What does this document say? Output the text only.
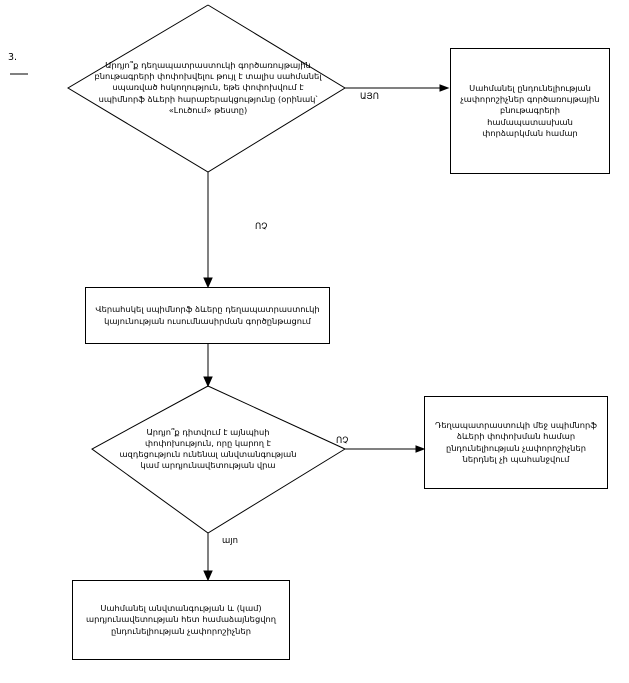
3.
Արդյո՞ք դեղապատրաստուկի գործառույթային բնութագրերի փոփոխվելու թույլ է տալիս սահմանել սպառված հսկողություն, եթե փոփոխվում է սպիմնորֆ ձևերի հարաբերակցությունը (օրինակ՝ «Լուծում» թեստը)
Սահմանել ընդունելիության չափորոշիչներ գործառույթային բնութագրերի համապատասխան փորձարկման համար
ԱՅՈ
ՈՉ
Վերահսկել սպիմնորֆ ձևերը դեղապատրաստուկի կայունության ուսումնասիրման գործընթացում
Արդյո՞ք դիտվում է այնպիսի փոփոխություն, որը կարող է ազդեցություն ունենալ անվտանգության կամ արդյունավետության վրա
ՈՉ
Դեղապատրաստուկի մեջ սպիմնորֆ ձևերի փոփոխման համար ընդունելիության չափորոշիչներ ներդնել չի պահանջվում
այո
Սահմանել անվտանգության և (կամ) արդյունավետության հետ համաձայնեցվող ընդունելիության չափորոշիչներ
